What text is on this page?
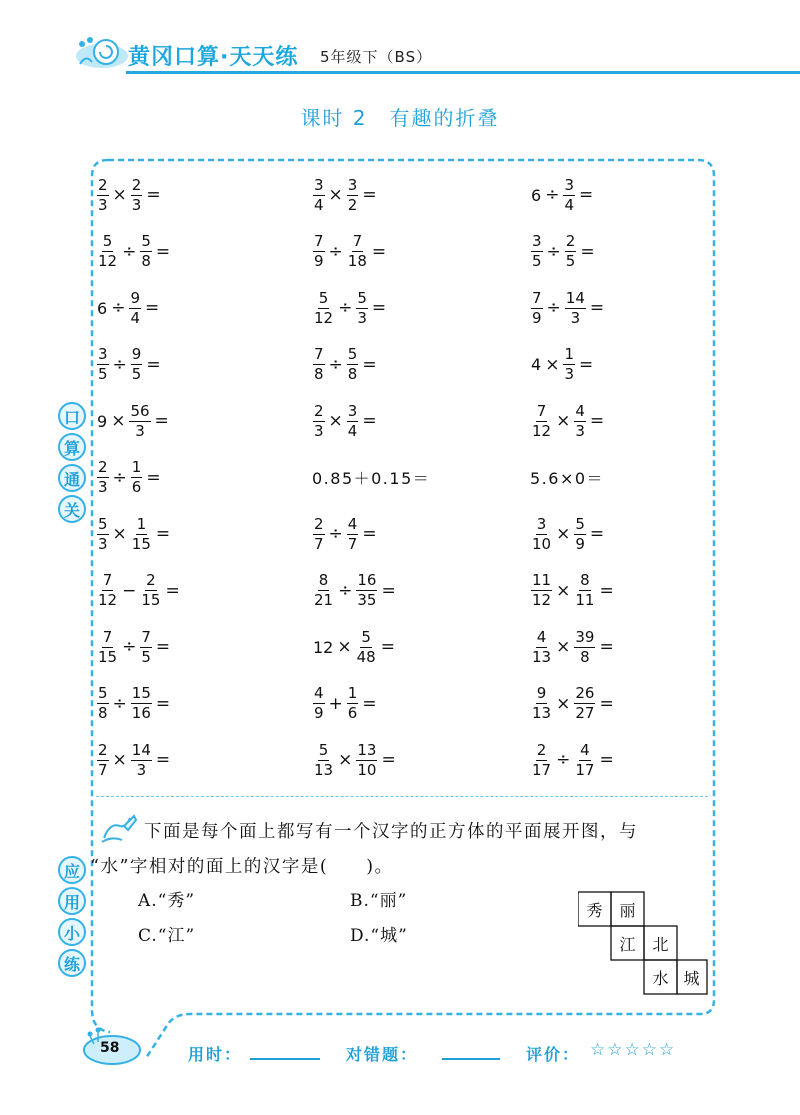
黄冈口算·天天练 5年级下（BS）
课时 2　有趣的折叠
口
算
通
关
应
用
小
练
$\frac{2}{3} \times \frac{2}{3}$ =	$\frac{3}{4} \times \frac{3}{2}$ =	$6 \div \frac{3}{4}$ =
$\frac{5}{12} \div \frac{5}{8}$ =	$\frac{7}{9} \div \frac{7}{18}$ =	$\frac{3}{5} \div \frac{2}{5}$ =
$6 \div \frac{9}{4}$ =	$\frac{5}{12} \div \frac{5}{3}$ =	$\frac{7}{9} \div \frac{14}{3}$ =
$\frac{3}{5} \div \frac{9}{5}$ =	$\frac{7}{8} \div \frac{5}{8}$ =	$4 \times \frac{1}{3}$ =
$9 \times \frac{56}{3}$ =	$\frac{2}{3} \times \frac{3}{4}$ =	$\frac{7}{12} \times \frac{4}{3}$ =
$\frac{2}{3} \div \frac{1}{6}$ =	0.85＋0.15＝	5.6×0＝
$\frac{5}{3} \times \frac{1}{15}$ =	$\frac{2}{7} \div \frac{4}{7}$ =	$\frac{3}{10} \times \frac{5}{9}$ =
$\frac{7}{12} - \frac{2}{15}$ =	$\frac{8}{21} \div \frac{16}{35}$ =	$\frac{11}{12} \times \frac{8}{11}$ =
$\frac{7}{15} \div \frac{7}{5}$ =	$12 \times \frac{5}{48}$ =	$\frac{4}{13} \times \frac{39}{8}$ =
$\frac{5}{8} \div \frac{15}{16}$ =	$\frac{4}{9} + \frac{1}{6}$ =	$\frac{9}{13} \times \frac{26}{27}$ =
$\frac{2}{7} \times \frac{14}{3}$ =	$\frac{5}{13} \times \frac{13}{10}$ =	$\frac{2}{17} \div \frac{4}{17}$ =
下面是每个面上都写有一个汉字的正方体的平面展开图，与
“水”字相对的面上的汉字是(　　)。
A.“秀”	B.“丽”
C.“江”	D.“城”
秀	丽
江	北
水 城
58	用时：	对错题：	评价： ☆☆☆☆☆
